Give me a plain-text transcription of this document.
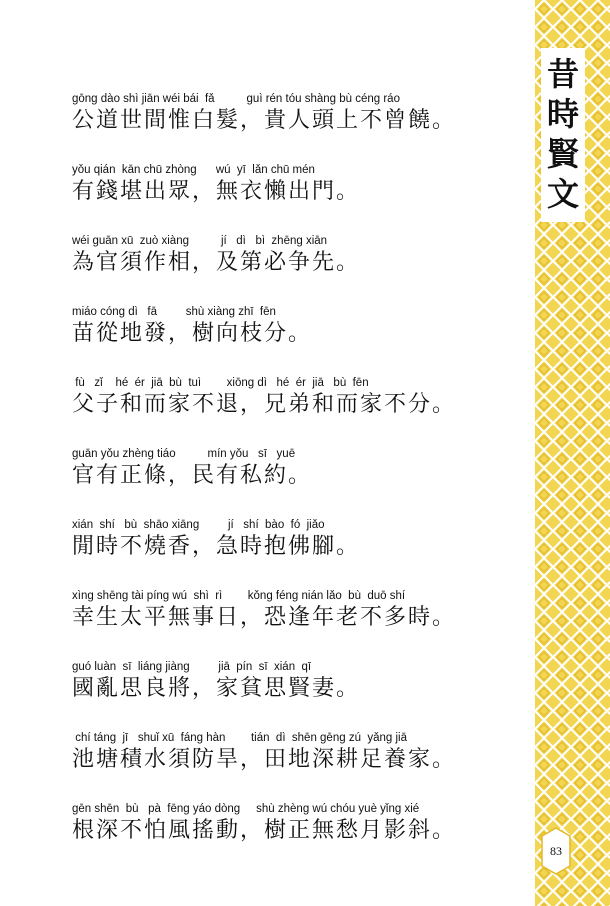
gōng dào shì jiān wéi bái  fǎ          guì rén tóu shàng bù céng ráo
公道世間惟白髮，貴人頭上不曾饒。
yǒu qián  kān chū zhòng      wú  yī  lǎn chū mén
有錢堪出眾，無衣懶出門。
wéi guān xū  zuò xiàng          jí   dì   bì  zhēng xiān
為官須作相，及第必争先。
miáo cóng dì   fā         shù xiàng zhī  fēn
苗從地發，樹向枝分。
fù   zǐ    hé  ér  jiā  bù  tuì        xiōng dì   hé  ér  jiā   bù  fēn
父子和而家不退，兄弟和而家不分。
guān yǒu zhèng tiáo          mín yǒu   sī   yuē
官有正條，民有私約。
xián  shí   bù  shāo xiāng         jí   shí  bào  fó  jiǎo
閒時不燒香，急時抱佛腳。
xìng shēng tài píng wú  shì  rì        kǒng féng nián lǎo  bù  duō shí
幸生太平無事日，恐逢年老不多時。
guó luàn  sī  liáng jiàng         jiā  pín  sī  xián  qī
國亂思良將，家貧思賢妻。
chí táng  jī   shuǐ xū  fáng hàn        tián  dì  shēn gēng zú  yǎng jiā
池塘積水須防旱，田地深耕足養家。
gēn shēn  bù   pà  fēng yáo dòng     shù zhèng wú chóu yuè yǐng xié
根深不怕風搖動，樹正無愁月影斜。
昔
時
賢
文
83
